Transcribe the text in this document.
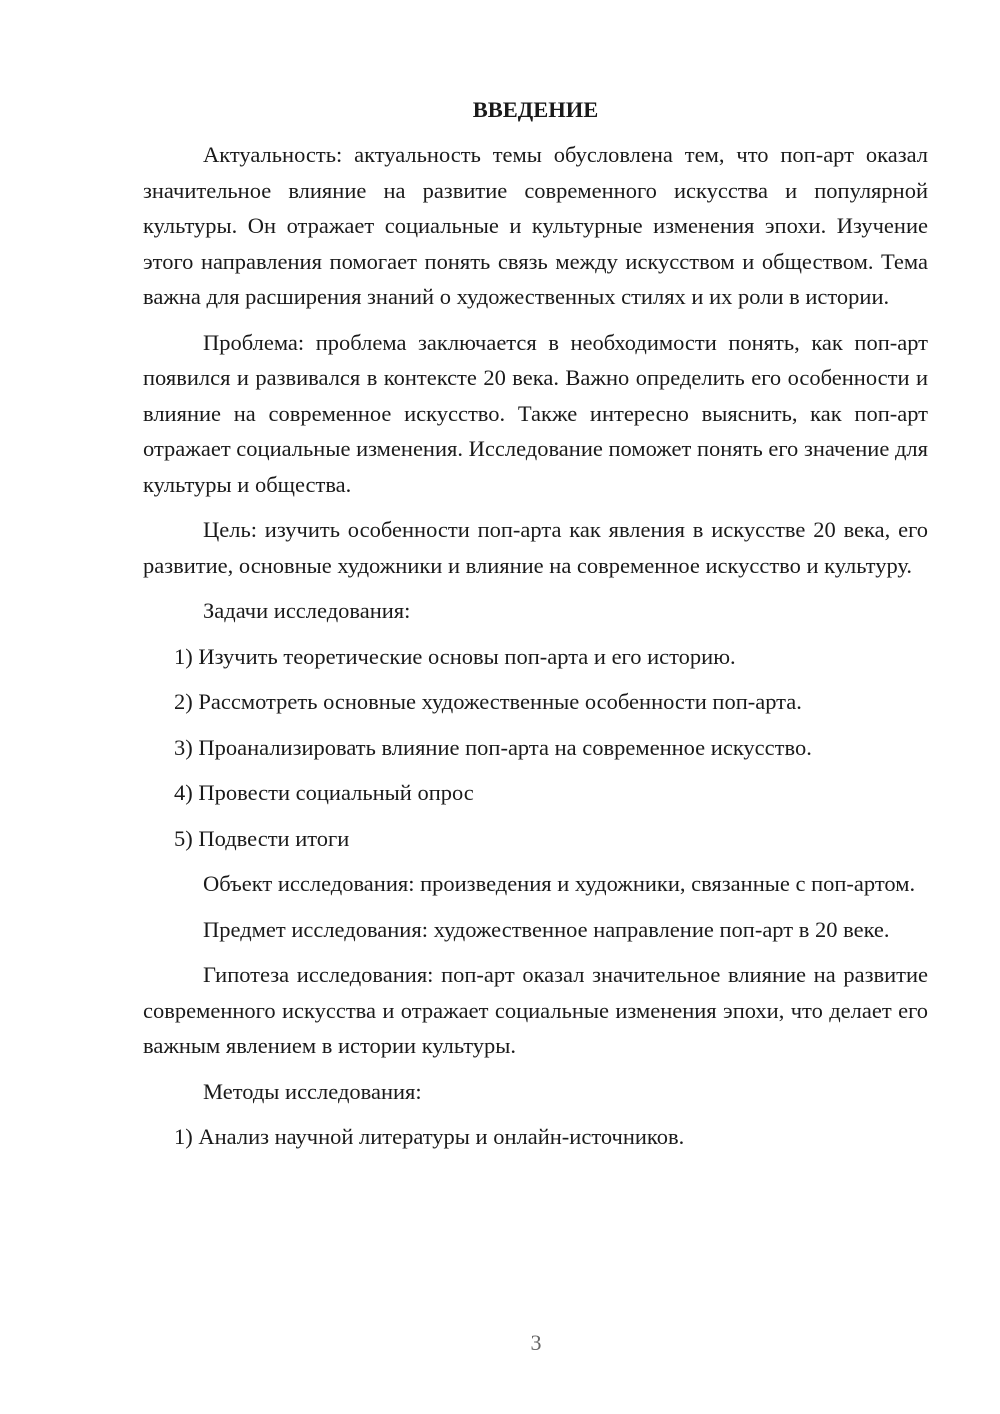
ВВЕДЕНИЕ
Актуальность: актуальность темы обусловлена тем, что поп-арт оказал значительное влияние на развитие современного искусства и популярной культуры. Он отражает социальные и культурные изменения эпохи. Изучение этого направления помогает понять связь между искусством и обществом. Тема важна для расширения знаний о художественных стилях и их роли в истории.
Проблема: проблема заключается в необходимости понять, как поп-арт появился и развивался в контексте 20 века. Важно определить его особенности и влияние на современное искусство. Также интересно выяснить, как поп-арт отражает социальные изменения. Исследование поможет понять его значение для культуры и общества.
Цель: изучить особенности поп-арта как явления в искусстве 20 века, его развитие, основные художники и влияние на современное искусство и культуру.
Задачи исследования:
1) Изучить теоретические основы поп-арта и его историю.
2) Рассмотреть основные художественные особенности поп-арта.
3) Проанализировать влияние поп-арта на современное искусство.
4) Провести социальный опрос
5) Подвести итоги
Объект исследования: произведения и художники, связанные с поп-артом.
Предмет исследования: художественное направление поп-арт в 20 веке.
Гипотеза исследования: поп-арт оказал значительное влияние на развитие современного искусства и отражает социальные изменения эпохи, что делает его важным явлением в истории культуры.
Методы исследования:
1) Анализ научной литературы и онлайн-источников.
3
